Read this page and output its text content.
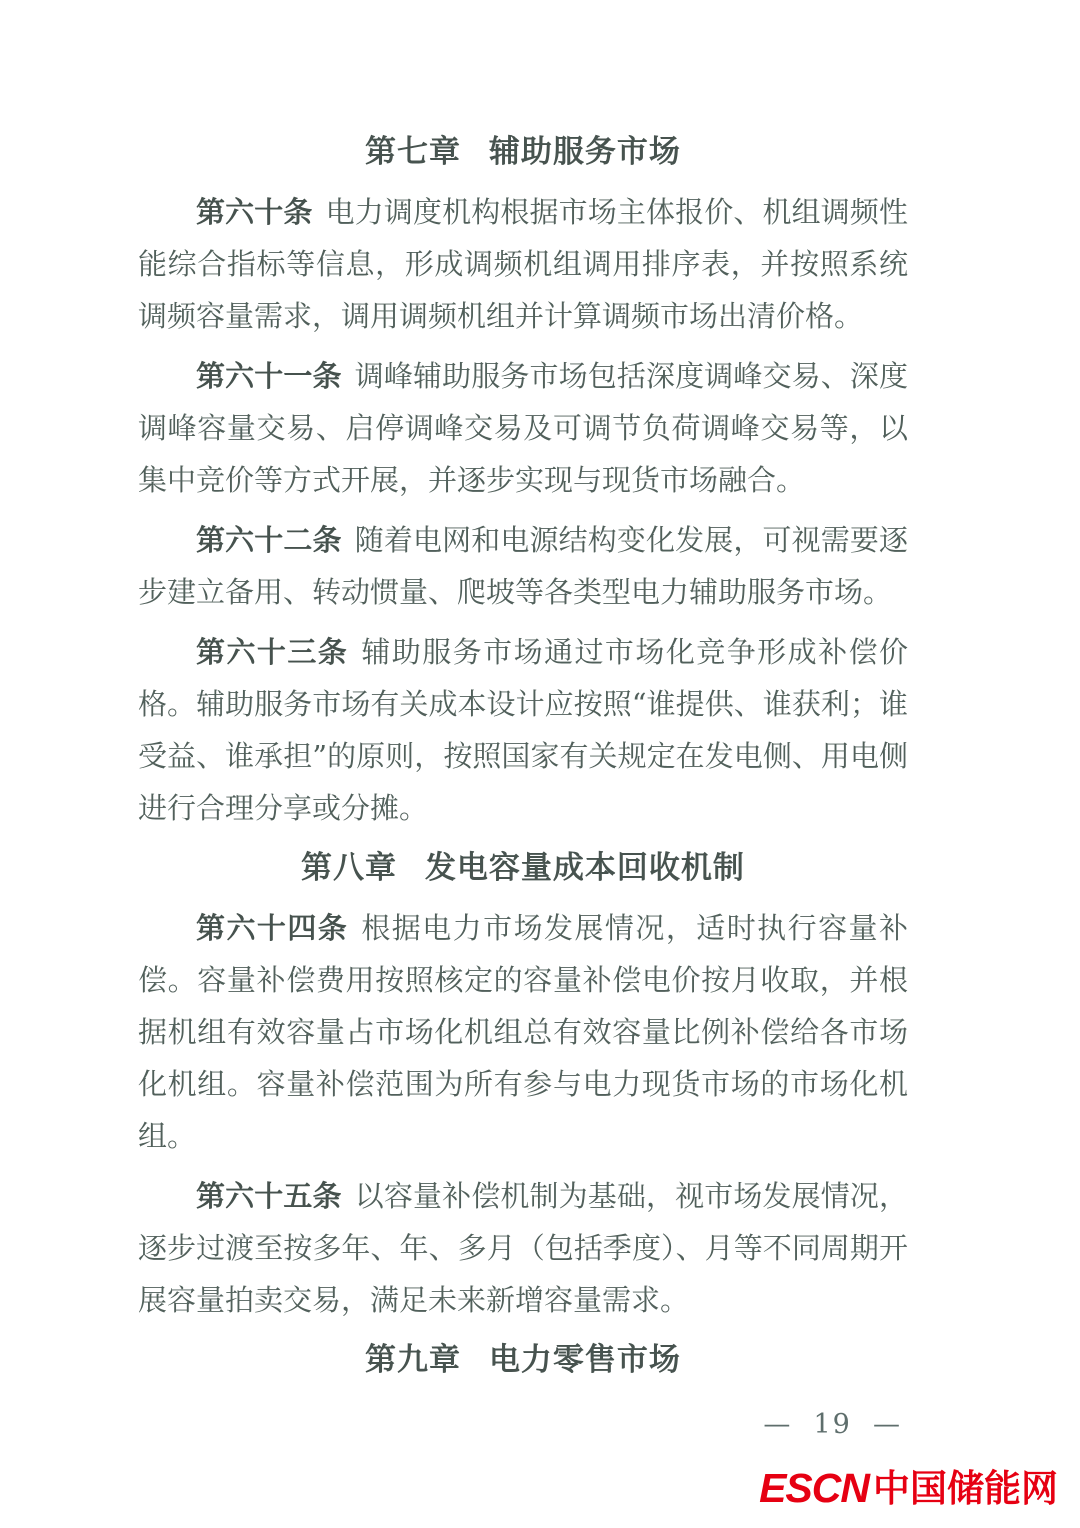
第七章 辅助服务市场

第六十条 电力调度机构根据市场主体报价、机组调频性能综合指标等信息，形成调频机组调用排序表，并按照系统调频容量需求，调用调频机组并计算调频市场出清价格。

第六十一条 调峰辅助服务市场包括深度调峰交易、深度调峰容量交易、启停调峰交易及可调节负荷调峰交易等，以集中竞价等方式开展，并逐步实现与现货市场融合。

第六十二条 随着电网和电源结构变化发展，可视需要逐步建立备用、转动惯量、爬坡等各类型电力辅助服务市场。

第六十三条 辅助服务市场通过市场化竞争形成补偿价格。辅助服务市场有关成本设计应按照“谁提供、谁获利；谁受益、谁承担”的原则，按照国家有关规定在发电侧、用电侧进行合理分享或分摊。

第八章 发电容量成本回收机制

第六十四条 根据电力市场发展情况，适时执行容量补偿。容量补偿费用按照核定的容量补偿电价按月收取，并根据机组有效容量占市场化机组总有效容量比例补偿给各市场化机组。容量补偿范围为所有参与电力现货市场的市场化机组。

第六十五条 以容量补偿机制为基础，视市场发展情况，逐步过渡至按多年、年、多月（包括季度）、月等不同周期开展容量拍卖交易，满足未来新增容量需求。

第九章 电力零售市场
—  19  —
ESCN 中国储能网
